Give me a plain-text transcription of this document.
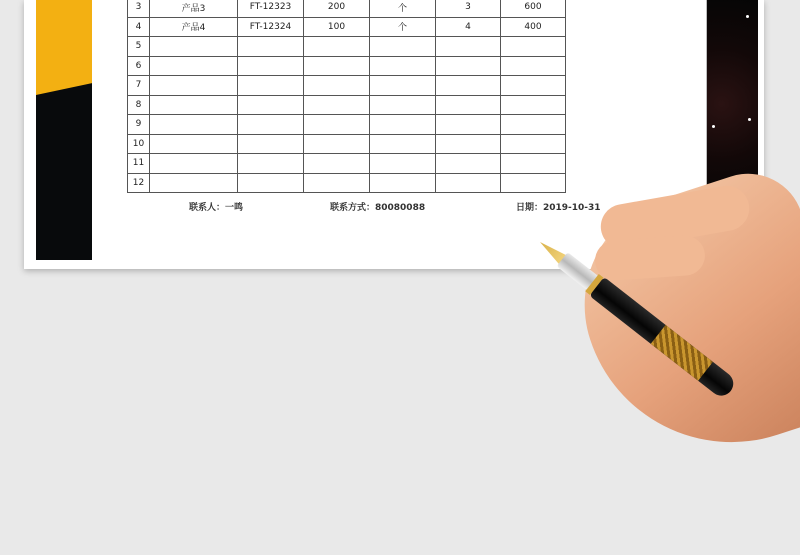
3	产品3	FT-12323	200	个	3	600
4	产品4	FT-12324	100	个	4	400
5						
6						
7						
8						
9						
10						
11						
12						
联系人：一鸣	联系方式：80080088	日期：2019-10-31
